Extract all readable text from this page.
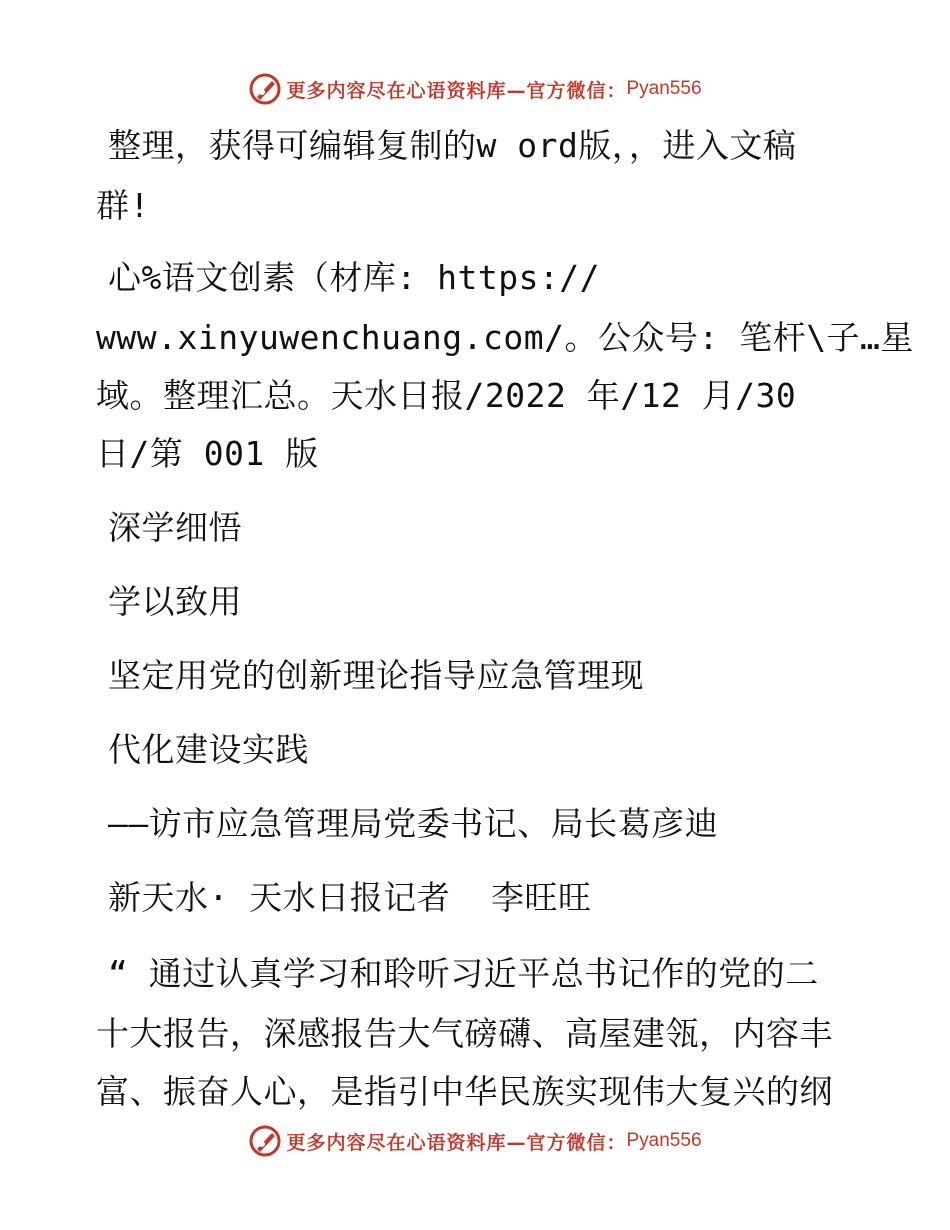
更多内容尽在心语资料库 —官方微信： Pyan556
整理，获得可编辑复制的w ord版，，进入文稿
群!
心%语文创素（材库: https://
www.xinyuwenchuang.com/。公众号: 笔杆\子…星
域。整理汇总。天水日报/2022 年/12 月/30
日/第 001 版
深学细悟
学以致用
坚定用党的创新理论指导应急管理现
代化建设实践
——访市应急管理局党委书记、局长葛彦迪
新天水· 天水日报记者  李旺旺
“ 通过认真学习和聆听习近平总书记作的党的二
十大报告，深感报告大气磅礴、高屋建瓴，内容丰
富、振奋人心，是指引中华民族实现伟大复兴的纲
更多内容尽在心语资料库 —官方微信： Pyan556
